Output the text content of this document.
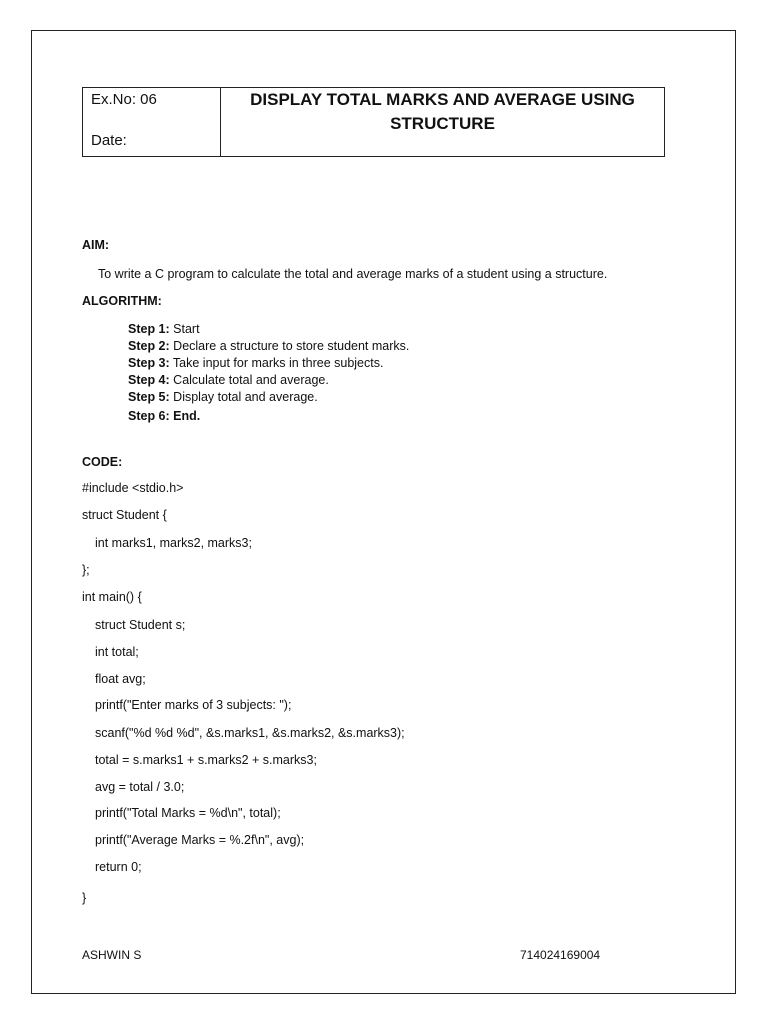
Ex.No: 06
Date:
DISPLAY TOTAL MARKS AND AVERAGE USING
STRUCTURE
AIM:
To write a C program to calculate the total and average marks of a student using a structure.
ALGORITHM:
Step 1: Start
Step 2: Declare a structure to store student marks.
Step 3: Take input for marks in three subjects.
Step 4: Calculate total and average.
Step 5: Display total and average.
Step 6: End.
CODE:
#include <stdio.h>
struct Student {
int marks1, marks2, marks3;
};
int main() {
struct Student s;
int total;
float avg;
printf("Enter marks of 3 subjects: ");
scanf("%d %d %d", &s.marks1, &s.marks2, &s.marks3);
total = s.marks1 + s.marks2 + s.marks3;
avg = total / 3.0;
printf("Total Marks = %d\n", total);
printf("Average Marks = %.2f\n", avg);
return 0;
}
ASHWIN S	714024169004
